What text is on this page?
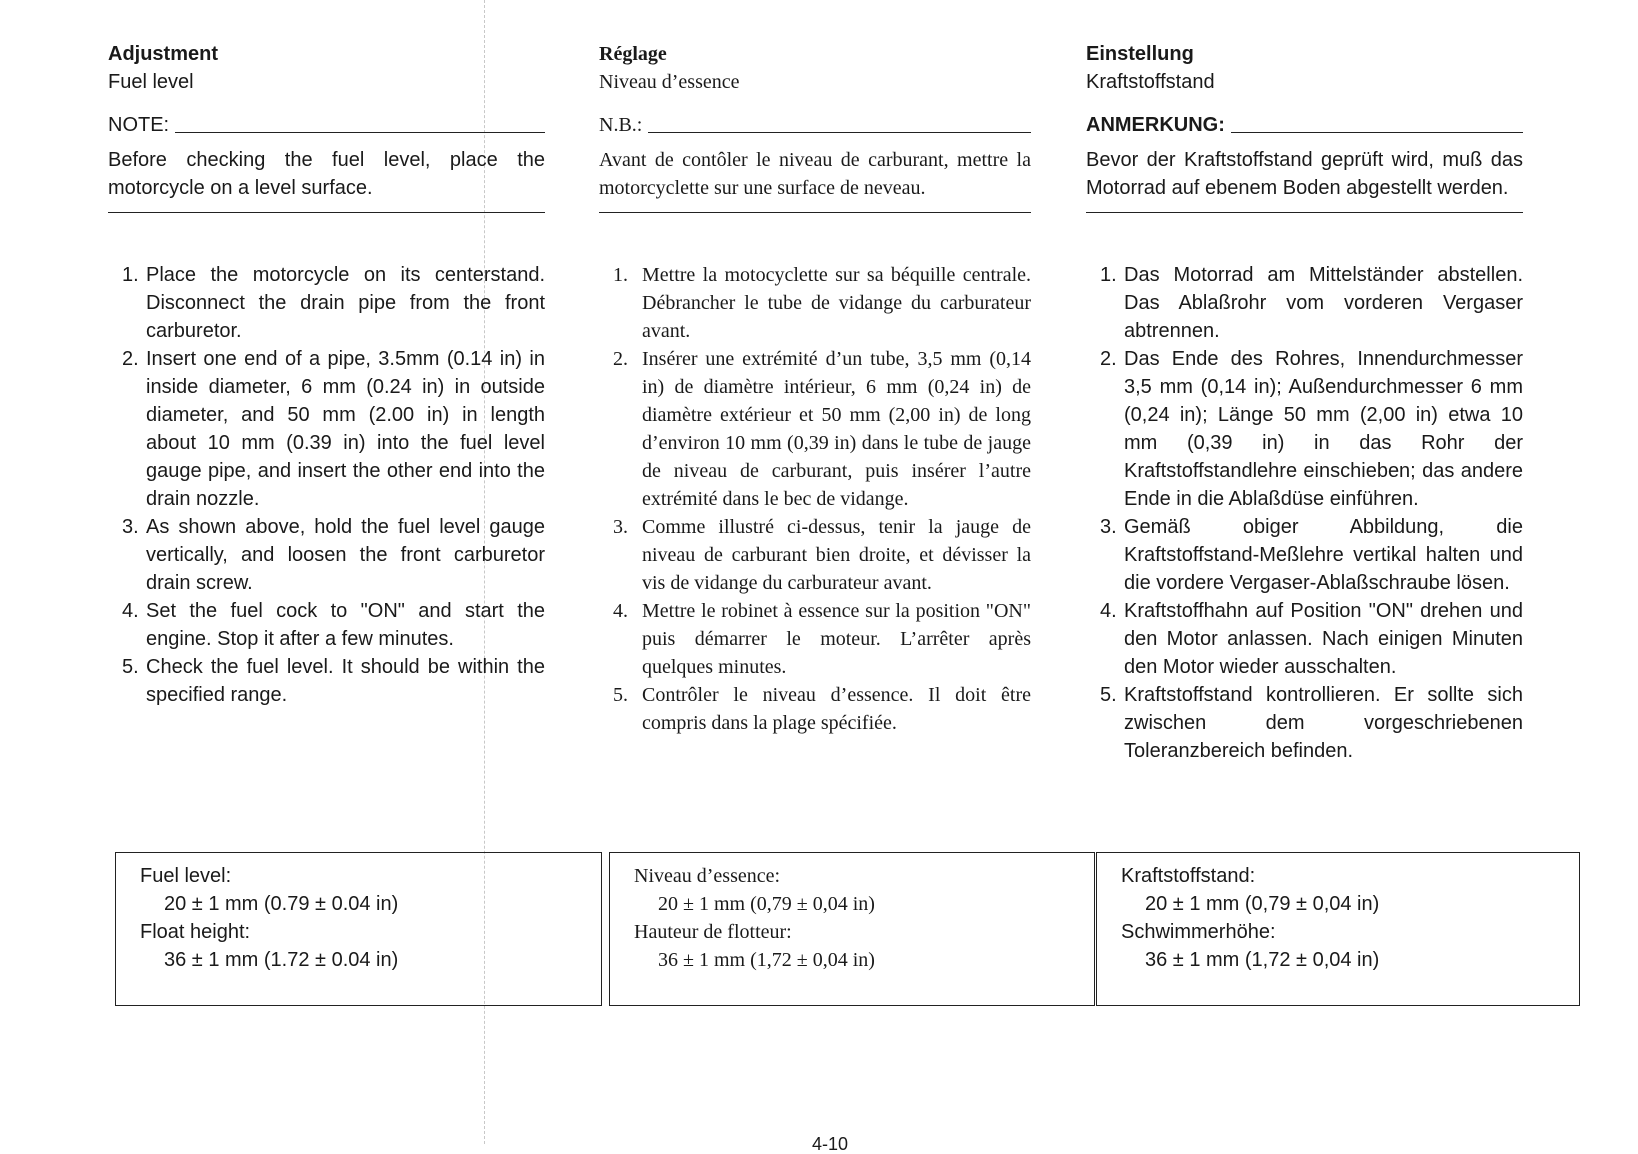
Adjustment
Fuel level
NOTE:
Before checking the fuel level, place the motorcycle on a level surface.
1. Place the motorcycle on its centerstand. Disconnect the drain pipe from the front carburetor.
2. Insert one end of a pipe, 3.5mm (0.14 in) in inside diameter, 6 mm (0.24 in) in outside diameter, and 50 mm (2.00 in) in length about 10 mm (0.39 in) into the fuel level gauge pipe, and insert the other end into the drain nozzle.
3. As shown above, hold the fuel level gauge vertically, and loosen the front carburetor drain screw.
4. Set the fuel cock to "ON" and start the engine. Stop it after a few minutes.
5. Check the fuel level. It should be within the specified range.
Réglage
Niveau d’essence
N.B.:
Avant de contôler le niveau de carburant, mettre la motorcyclette sur une surface de neveau.
1. Mettre la motocyclette sur sa béquille centrale. Débrancher le tube de vidange du carburateur avant.
2. Insérer une extrémité d’un tube, 3,5 mm (0,14 in) de diamètre intérieur, 6 mm (0,24 in) de diamètre extérieur et 50 mm (2,00 in) de long d’environ 10 mm (0,39 in) dans le tube de jauge de niveau de carburant, puis insérer l’autre extrémité dans le bec de vidange.
3. Comme illustré ci-dessus, tenir la jauge de niveau de carburant bien droite, et dévisser la vis de vidange du carburateur avant.
4. Mettre le robinet à essence sur la position "ON" puis démarrer le moteur. L’arrêter après quelques minutes.
5. Contrôler le niveau d’essence. Il doit être compris dans la plage spécifiée.
Einstellung
Kraftstoffstand
ANMERKUNG:
Bevor der Kraftstoffstand geprüft wird, muß das Motorrad auf ebenem Boden abgestellt werden.
1. Das Motorrad am Mittelständer abstellen. Das Ablaßrohr vom vorderen Vergaser abtrennen.
2. Das Ende des Rohres, Innendurchmesser 3,5 mm (0,14 in); Außendurchmesser 6 mm (0,24 in); Länge 50 mm (2,00 in) etwa 10 mm (0,39 in) in das Rohr der Kraftstoffstandlehre einschieben; das andere Ende in die Ablaßdüse einführen.
3. Gemäß obiger Abbildung, die Kraftstoffstand-Meßlehre vertikal halten und die vordere Vergaser-Ablaßschraube lösen.
4. Kraftstoffhahn auf Position "ON" drehen und den Motor anlassen. Nach einigen Minuten den Motor wieder ausschalten.
5. Kraftstoffstand kontrollieren. Er sollte sich zwischen dem vorgeschriebenen Toleranzbereich befinden.
Fuel level:
20 ± 1 mm (0.79 ± 0.04 in)
Float height:
36 ± 1 mm (1.72 ± 0.04 in)
Niveau d’essence:
20 ± 1 mm (0,79 ± 0,04 in)
Hauteur de flotteur:
36 ± 1 mm (1,72 ± 0,04 in)
Kraftstoffstand:
20 ± 1 mm (0,79 ± 0,04 in)
Schwimmerhöhe:
36 ± 1 mm (1,72 ± 0,04 in)
4-10
